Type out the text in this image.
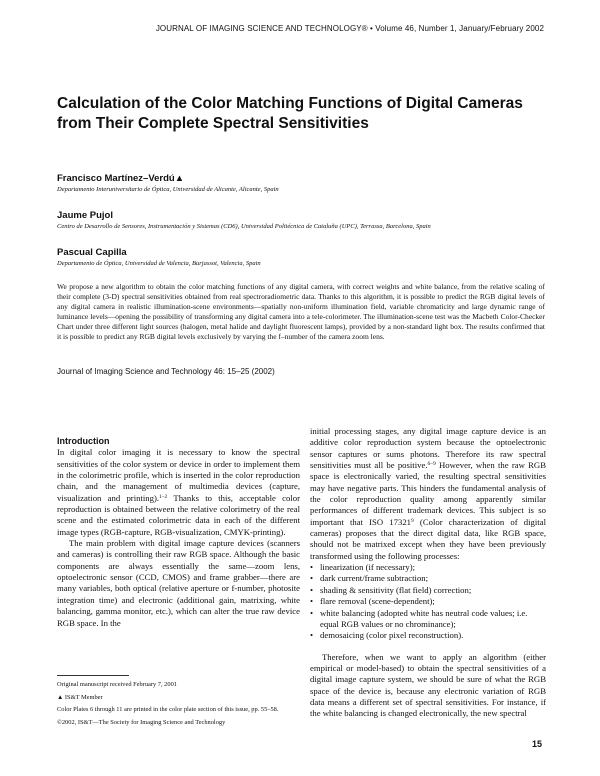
JOURNAL OF IMAGING SCIENCE AND TECHNOLOGY® • Volume 46, Number 1, January/February 2002
Calculation of the Color Matching Functions of Digital Cameras from Their Complete Spectral Sensitivities
Francisco Martínez–Verdú▲
Departamento Interuniversitario de Óptica, Universidad de Alicante, Alicante, Spain
Jaume Pujol
Centro de Desarrollo de Sensores, Instrumentación y Sistemas (CD6), Universidad Politécnica de Cataluña (UPC), Terrassa, Barcelona, Spain
Pascual Capilla
Departamento de Óptica, Universidad de Valencia, Burjassot, Valencia, Spain
We propose a new algorithm to obtain the color matching functions of any digital camera, with correct weights and white balance, from the relative scaling of their complete (3-D) spectral sensitivities obtained from real spectroradiometric data. Thanks to this algorithm, it is possible to predict the RGB digital levels of any digital camera in realistic illumination-scene environments—spatially non-uniform illumination field, variable chromaticity and large dynamic range of luminance levels—opening the possibility of transforming any digital camera into a tele-colorimeter. The illumination-scene test was the Macbeth Color-Checker Chart under three different light sources (halogen, metal halide and daylight fluorescent lamps), provided by a non-standard light box. The results confirmed that it is possible to predict any RGB digital levels exclusively by varying the f–number of the camera zoom lens.
Journal of Imaging Science and Technology 46: 15–25 (2002)
Introduction

In digital color imaging it is necessary to know the spectral sensitivities of the color system or device in order to implement them in the colorimetric profile, which is inserted in the color reproduction chain, and the management of multimedia devices (capture, visualization and printing).$^{1-2}$ Thanks to this, acceptable color reproduction is obtained between the relative colorimetry of the real scene and the estimated colorimetric data in each of the different image types (RGB-capture, RGB-visualization, CMYK-printing).

The main problem with digital image capture devices (scanners and cameras) is controlling their raw RGB space. Although the basic components are always essentially the same—zoom lens, optoelectronic sensor (CCD, CMOS) and frame grabber—there are many variables, both optical (relative aperture or f-number, photosite integration time) and electronic (additional gain, matrixing, white balancing, gamma monitor, etc.), which can alter the true raw device RGB space. In the

initial processing stages, any digital image capture device is an additive color reproduction system because the optoelectronic sensor captures or sums photons. Therefore its raw spectral sensitivities must all be positive.$^{6-9}$ However, when the raw RGB space is electronically varied, the resulting spectral sensitivities may have negative parts. This hinders the fundamental analysis of the color reproduction quality among apparently similar performances of different trademark devices. This subject is so important that ISO 17321$^9$ (Color characterization of digital cameras) proposes that the direct digital data, like RGB space, should not be matrixed except when they have been previously transformed using the following processes:

• linearization (if necessary);
• dark current/frame subtraction;
• shading & sensitivity (flat field) correction;
• flare removal (scene-dependent);
• white balancing (adopted white has neutral code values; i.e. equal RGB values or no chrominance);
• demosaicing (color pixel reconstruction).

Therefore, when we want to apply an algorithm (either empirical or model-based) to obtain the spectral sensitivities of a digital image capture system, we should be sure of what the RGB space of the device is, because any electronic variation of RGB data means a different set of spectral sensitivities. For instance, if the white balancing is changed electronically, the new spectral

Original manuscript received February 7, 2001

▲ IS&T Member

Color Plates 6 through 11 are printed in the color plate section of this issue, pp. 55–58.

©2002, IS&T—The Society for Imaging Science and Technology

15
